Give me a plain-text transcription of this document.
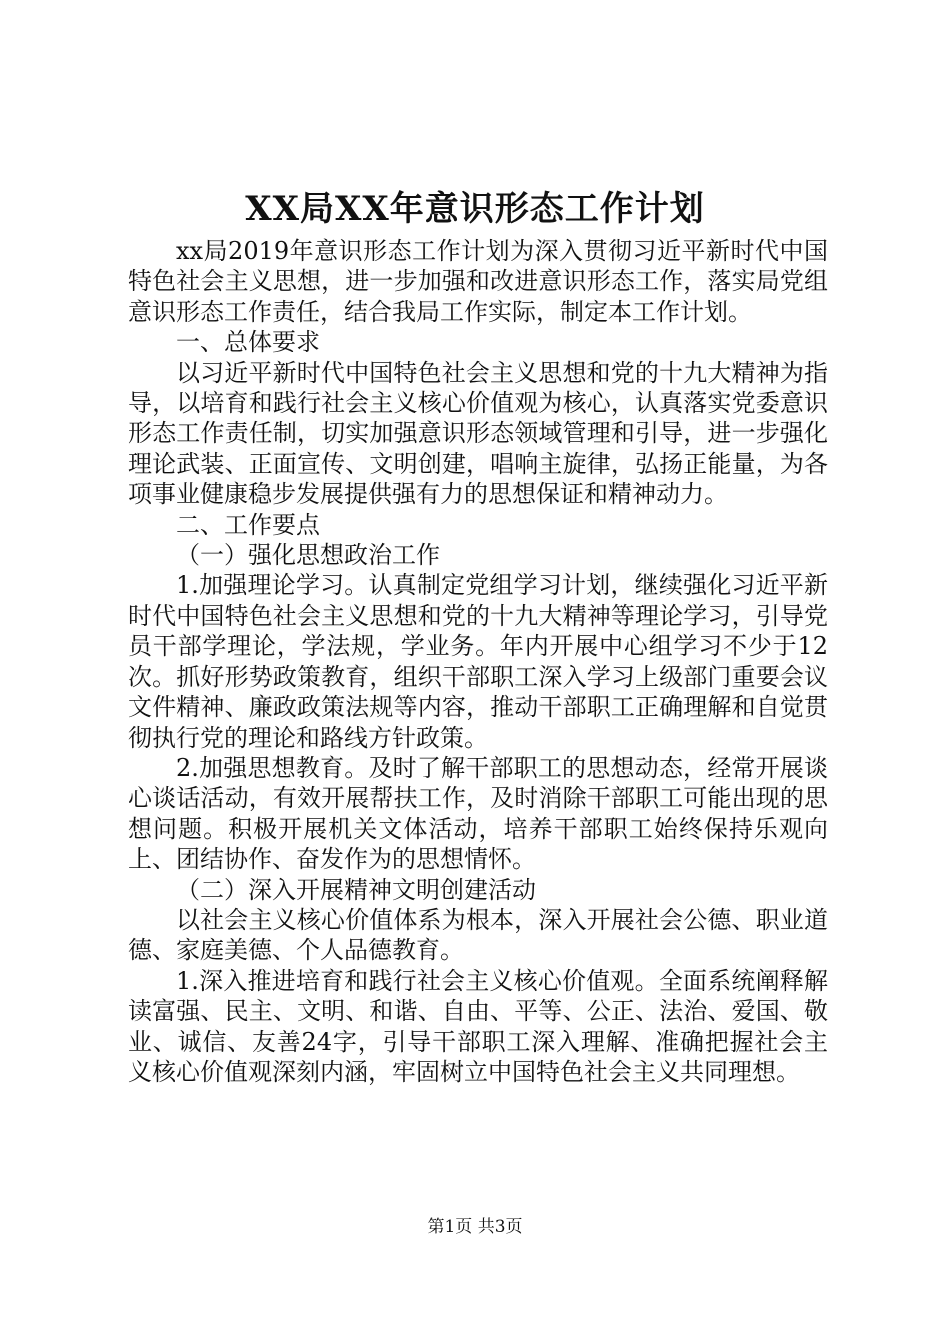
XX局XX年意识形态工作计划

xx局2019年意识形态工作计划为深入贯彻习近平新时代中国特色社会主义思想，进一步加强和改进意识形态工作，落实局党组意识形态工作责任，结合我局工作实际，制定本工作计划。

一、总体要求

以习近平新时代中国特色社会主义思想和党的十九大精神为指导，以培育和践行社会主义核心价值观为核心，认真落实党委意识形态工作责任制，切实加强意识形态领域管理和引导，进一步强化理论武装、正面宣传、文明创建，唱响主旋律，弘扬正能量，为各项事业健康稳步发展提供强有力的思想保证和精神动力。

二、工作要点

（一）强化思想政治工作

1.加强理论学习。认真制定党组学习计划，继续强化习近平新时代中国特色社会主义思想和党的十九大精神等理论学习，引导党员干部学理论，学法规，学业务。年内开展中心组学习不少于12次。抓好形势政策教育，组织干部职工深入学习上级部门重要会议文件精神、廉政政策法规等内容，推动干部职工正确理解和自觉贯彻执行党的理论和路线方针政策。

2.加强思想教育。及时了解干部职工的思想动态，经常开展谈心谈话活动，有效开展帮扶工作，及时消除干部职工可能出现的思想问题。积极开展机关文体活动，培养干部职工始终保持乐观向上、团结协作、奋发作为的思想情怀。

（二）深入开展精神文明创建活动

以社会主义核心价值体系为根本，深入开展社会公德、职业道德、家庭美德、个人品德教育。

1.深入推进培育和践行社会主义核心价值观。全面系统阐释解读富强、民主、文明、和谐、自由、平等、公正、法治、爱国、敬业、诚信、友善24字，引导干部职工深入理解、准确把握社会主义核心价值观深刻内涵，牢固树立中国特色社会主义共同理想。

第1页 共3页
